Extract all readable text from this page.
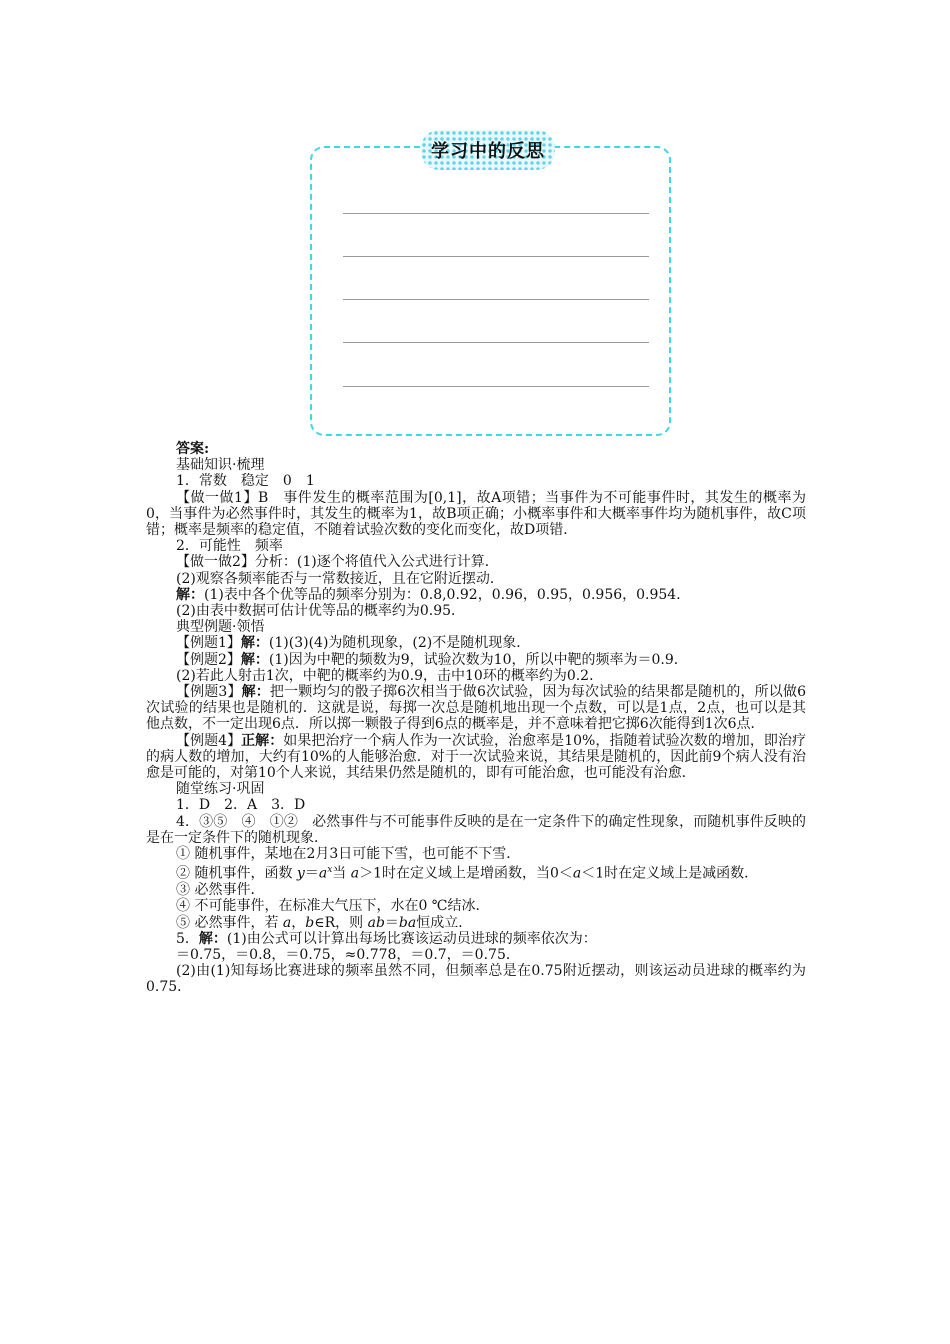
学习中的反思

答案:

基础知识·梳理

1．常数　稳定　0　1

【做一做1】B　事件发生的概率范围为[0,1]，故A项错；当事件为不可能事件时，其发生的概率为0，当事件为必然事件时，其发生的概率为1，故B项正确；小概率事件和大概率事件均为随机事件，故C项错；概率是频率的稳定值，不随着试验次数的变化而变化，故D项错．

2．可能性　频率

【做一做2】分析：(1)逐个将值代入公式进行计算．

(2)观察各频率能否与一常数接近，且在它附近摆动．

解：(1)表中各个优等品的频率分别为：0.8,0.92，0.96，0.95，0.956，0.954．

(2)由表中数据可估计优等品的概率约为0.95．

典型例题·领悟

【例题1】解：(1)(3)(4)为随机现象，(2)不是随机现象．

【例题2】解：(1)因为中靶的频数为9，试验次数为10，所以中靶的频率为＝0.9．

(2)若此人射击1次，中靶的概率约为0.9，击中10环的概率约为0.2．

【例题3】解：把一颗均匀的骰子掷6次相当于做6次试验，因为每次试验的结果都是随机的，所以做6次试验的结果也是随机的．这就是说，每掷一次总是随机地出现一个点数，可以是1点，2点，也可以是其他点数，不一定出现6点．所以掷一颗骰子得到6点的概率是，并不意味着把它掷6次能得到1次6点．

【例题4】正解：如果把治疗一个病人作为一次试验，治愈率是10%，指随着试验次数的增加，即治疗的病人数的增加，大约有10%的人能够治愈．对于一次试验来说，其结果是随机的，因此前9个病人没有治愈是可能的，对第10个人来说，其结果仍然是随机的，即有可能治愈，也可能没有治愈．

随堂练习·巩固

1．D　2．A　3．D

4．③⑤　④　①②　必然事件与不可能事件反映的是在一定条件下的确定性现象，而随机事件反映的是在一定条件下的随机现象．

① 随机事件，某地在2月3日可能下雪，也可能不下雪．

② 随机事件，函数 $y=a^x$当 a＞1时在定义域上是增函数，当0＜a＜1时在定义域上是减函数．

③ 必然事件．

④ 不可能事件，在标准大气压下，水在0 ℃结冰．

⑤ 必然事件，若 a，b∈R，则 ab＝ba恒成立．

5．解：(1)由公式可以计算出每场比赛该运动员进球的频率依次为：

＝0.75，＝0.8，＝0.75，≈0.778，＝0.7，＝0.75．

(2)由(1)知每场比赛进球的频率虽然不同，但频率总是在0.75附近摆动，则该运动员进球的概率约为0.75．
